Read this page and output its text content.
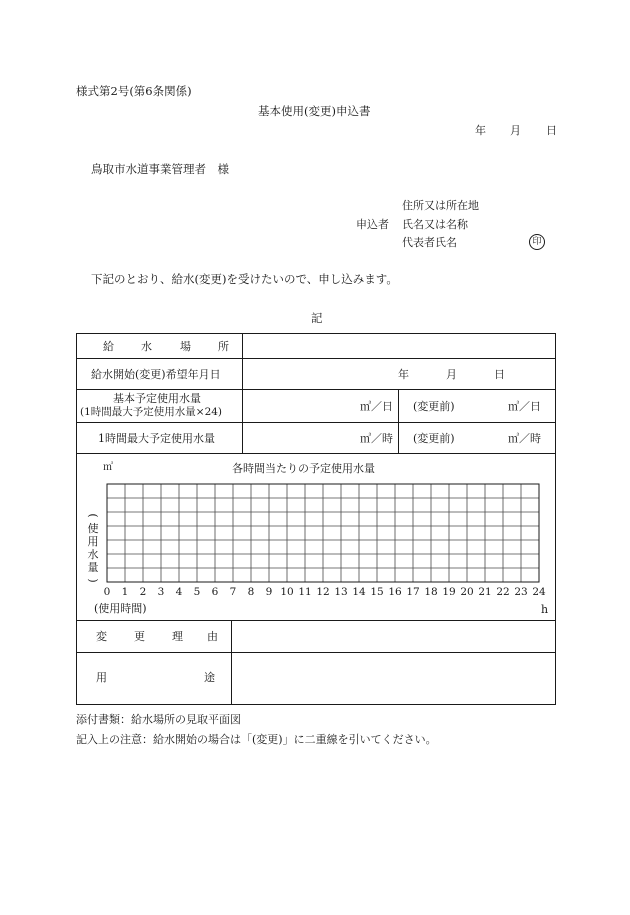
様式第2号(第6条関係)
基本使用(変更)申込書
年 月 日
鳥取市水道事業管理者　様
住所又は所在地
申込者 氏名又は名称
代表者氏名	印
下記のとおり、給水(変更)を受けたいので、申し込みます。
記
給 水	場 所
給水開始(変更)希望年月日	年	月	日
基本予定使用水量
(1時間最大予定使用水量×24)	㎥／日 (変更前)	㎥／日
1時間最大予定使用水量	㎥／時 (変更前)	㎥／時
㎥	各時間当たりの予定使用水量
(
使
用
水
量
)
0 1 2 3 4 5 6 7 8 9 10 11 12 13 14 15 16 17 18 19 20 21 22 23 24
(使用時間)	h
変 更 理 由
用	途
添付書類：給水場所の見取平面図
記入上の注意：給水開始の場合は「(変更)」に二重線を引いてください。
